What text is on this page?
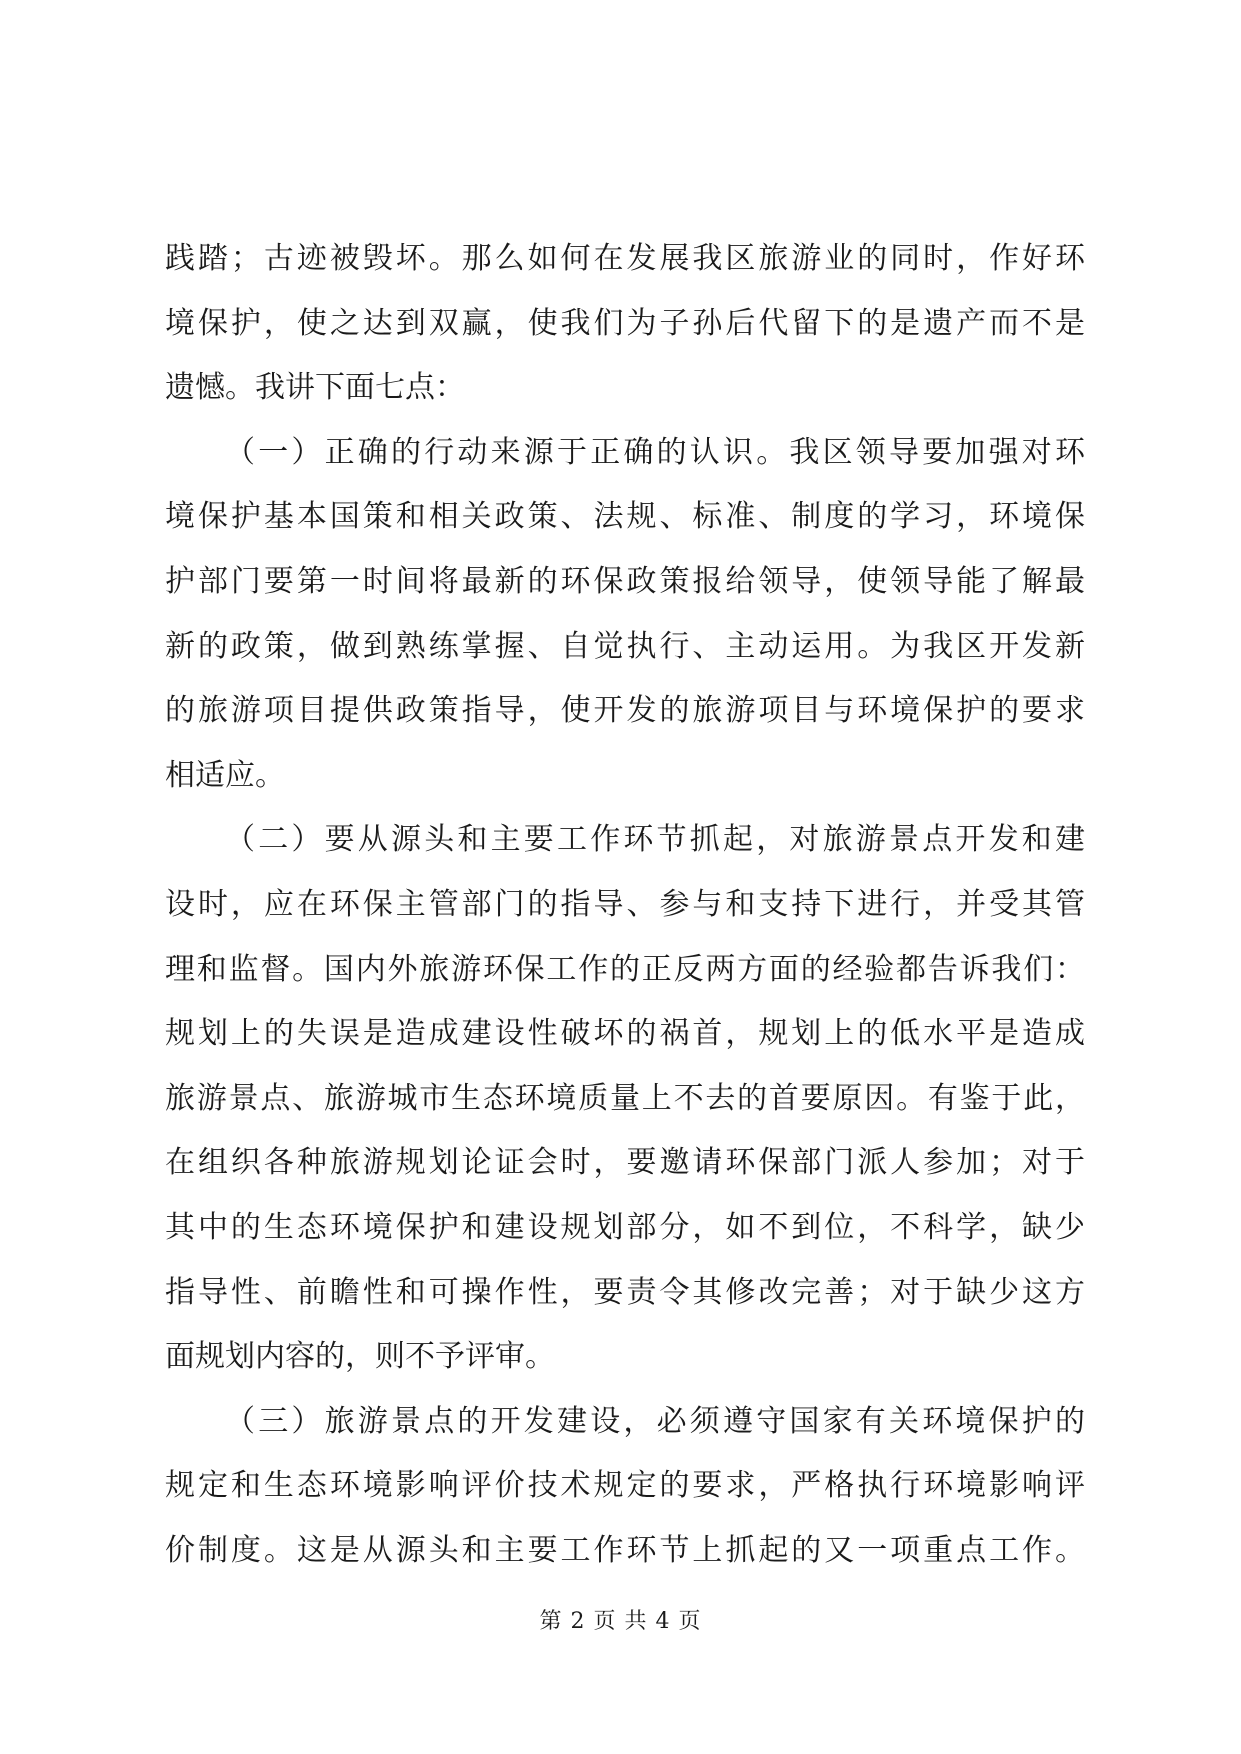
践踏；古迹被毁坏。那么如何在发展我区旅游业的同时，作好环
境保护，使之达到双赢，使我们为子孙后代留下的是遗产而不是
遗憾。我讲下面七点：
（一）正确的行动来源于正确的认识。我区领导要加强对环
境保护基本国策和相关政策、法规、标准、制度的学习，环境保
护部门要第一时间将最新的环保政策报给领导，使领导能了解最
新的政策，做到熟练掌握、自觉执行、主动运用。为我区开发新
的旅游项目提供政策指导，使开发的旅游项目与环境保护的要求
相适应。
（二）要从源头和主要工作环节抓起，对旅游景点开发和建
设时，应在环保主管部门的指导、参与和支持下进行，并受其管
理和监督。国内外旅游环保工作的正反两方面的经验都告诉我们：
规划上的失误是造成建设性破坏的祸首，规划上的低水平是造成
旅游景点、旅游城市生态环境质量上不去的首要原因。有鉴于此，
在组织各种旅游规划论证会时，要邀请环保部门派人参加；对于
其中的生态环境保护和建设规划部分，如不到位，不科学，缺少
指导性、前瞻性和可操作性，要责令其修改完善；对于缺少这方
面规划内容的，则不予评审。
（三）旅游景点的开发建设，必须遵守国家有关环境保护的
规定和生态环境影响评价技术规定的要求，严格执行环境影响评
价制度。这是从源头和主要工作环节上抓起的又一项重点工作。
第 2 页 共 4 页
